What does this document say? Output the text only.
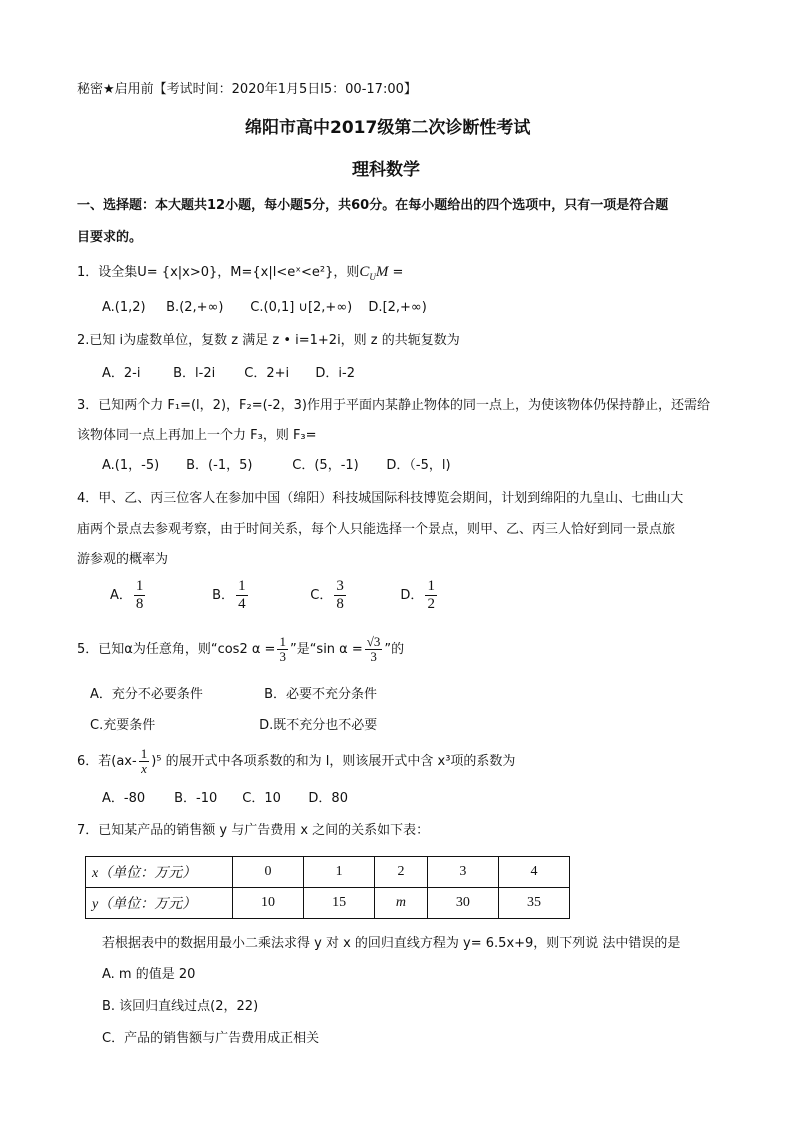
秘密★启用前【考试时间：2020年1月5日l5：00-17:00】
绵阳市高中2017级第二次诊断性考试
理科数学
一、选择题：本大题共12小题，每小题5分，共60分。在每小题给出的四个选项中，只有一项是符合题
目要求的。
1．设全集U= {x|x>0}，M={x|l<eˣ<e²}，则$C_UM$ =
A.(1,2) B.(2,+∞) C.(0,1] ∪[2,+∞) D.[2,+∞)
2.已知 i为虚数单位，复数 z 满足 z • i=1+2i，则 z 的共轭复数为
A．2-i	B．l-2i C．2+i D．i-2
3．已知两个力 F₁=(l，2)，F₂=(-2，3)作用于平面内某静止物体的同一点上，为使该物体仍保持静止，还需给
该物体同一点上再加上一个力 F₃，则 F₃=
A.(1，-5) B．(-1，5)	C．(5，-1) D．（-5，l)
4．甲、乙、丙三位客人在参加中国（绵阳）科技城国际科技博览会期间，计划到绵阳的九皇山、七曲山大
庙两个景点去参观考察，由于时间关系，每个人只能选择一个景点，则甲、乙、丙三人恰好到同一景点旅
游参观的概率为
A． $\frac{1}{8}$	B． $\frac{1}{4}$	C． $\frac{3}{8}$	D． $\frac{1}{2}$
5．已知α为任意角，则“cos2 $\alpha = \frac{1}{3}$ ”是“sin $\alpha = \frac{√3}{3}$ ”的
A．充分不必要条件	B．必要不充分条件
C.充要条件	D.既不充分也不必要
6．若$(ax- \frac{1}{x} )^5$ 的展开式中各项系数的和为 l，则该展开式中含 x³项的系数为
A．-80 B．-10 C．10 D．80
7．已知某产品的销售额 y 与广告费用 x 之间的关系如下表：
x（单位：万元）	0	1	2	3	4
y（单位：万元）	10	15	m	30	35
若根据表中的数据用最小二乘法求得 y 对 x 的回归直线方程为 y= 6.5x+9，则下列说 法中错误的是
A. m 的值是 20
B. 该回归直线过点(2，22)
C．产品的销售额与广告费用成正相关
